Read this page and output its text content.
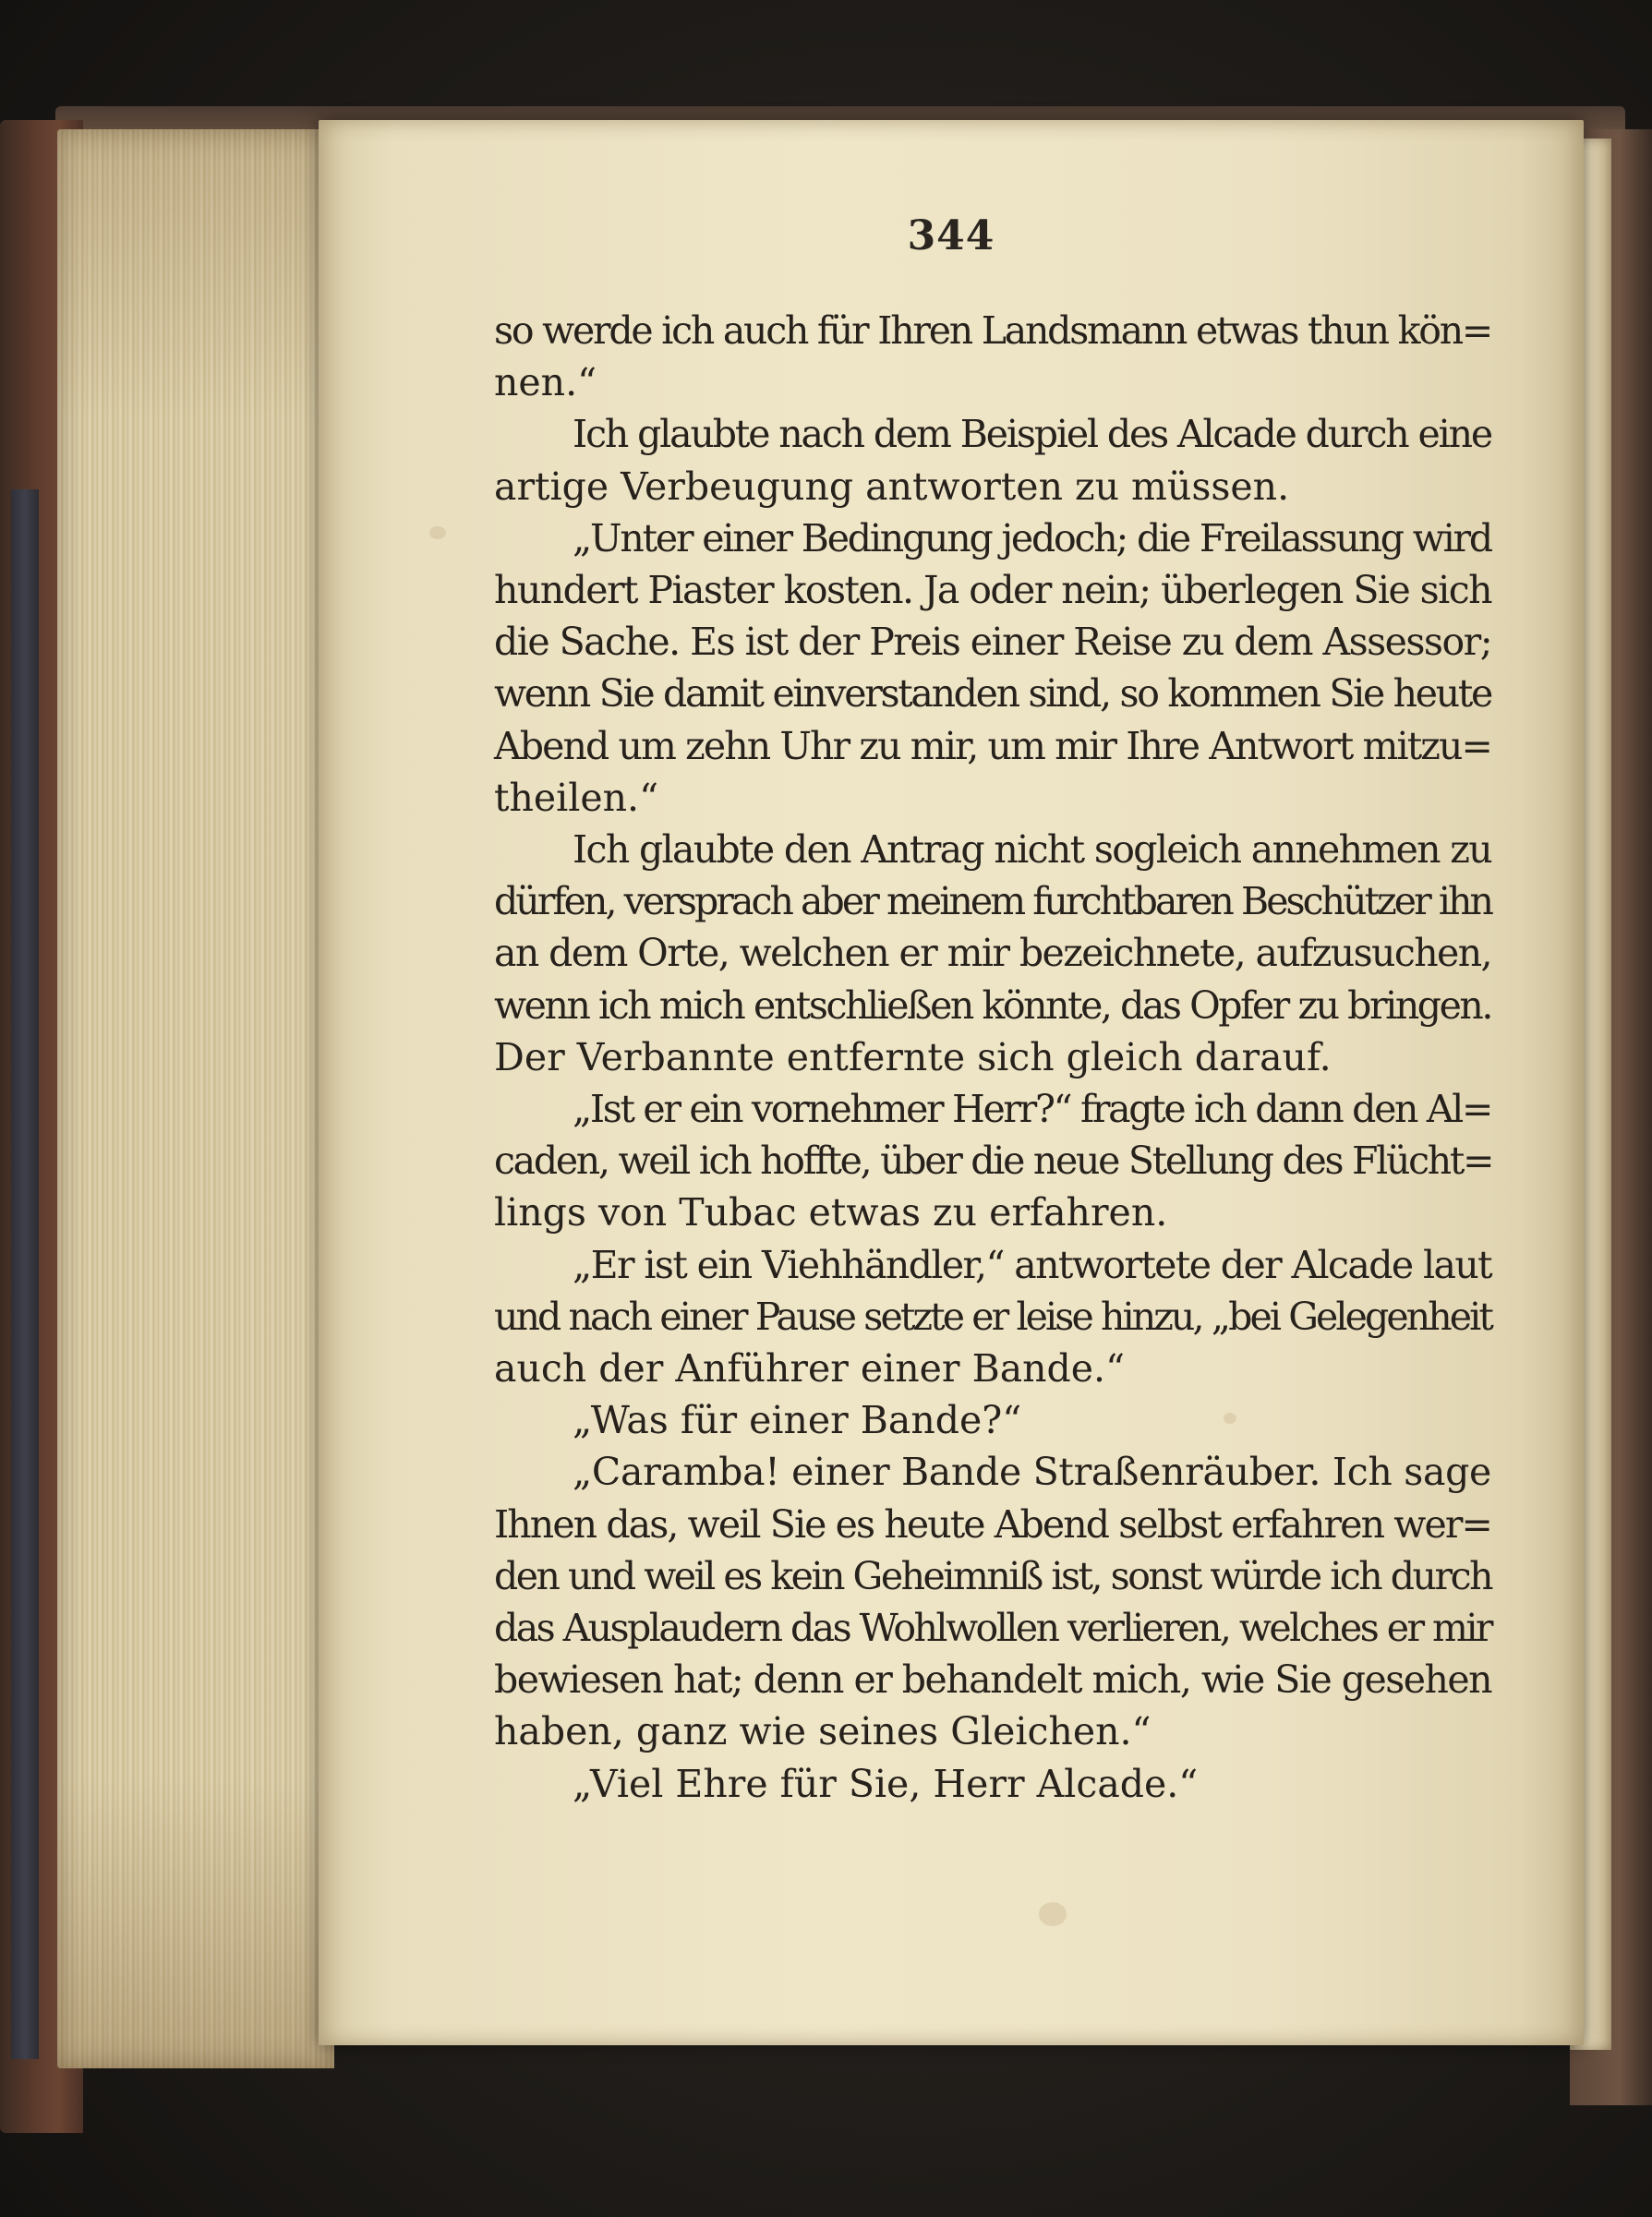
344

so werde ich auch für Ihren Landsmann etwas thun kön=
nen.“

Ich glaubte nach dem Beispiel des Alcade durch eine
artige Verbeugung antworten zu müssen.

„Unter einer Bedingung jedoch; die Freilassung wird
hundert Piaster kosten. Ja oder nein; überlegen Sie sich
die Sache. Es ist der Preis einer Reise zu dem Assessor;
wenn Sie damit einverstanden sind, so kommen Sie heute
Abend um zehn Uhr zu mir, um mir Ihre Antwort mitzu=
theilen.“

Ich glaubte den Antrag nicht sogleich annehmen zu
dürfen, versprach aber meinem furchtbaren Beschützer ihn
an dem Orte, welchen er mir bezeichnete, aufzusuchen,
wenn ich mich entschließen könnte, das Opfer zu bringen.
Der Verbannte entfernte sich gleich darauf.

„Ist er ein vornehmer Herr?“ fragte ich dann den Al=
caden, weil ich hoffte, über die neue Stellung des Flücht=
lings von Tubac etwas zu erfahren.

„Er ist ein Viehhändler,“ antwortete der Alcade laut
und nach einer Pause setzte er leise hinzu, „bei Gelegenheit
auch der Anführer einer Bande.“

„Was für einer Bande?“

„Caramba! einer Bande Straßenräuber. Ich sage
Ihnen das, weil Sie es heute Abend selbst erfahren wer=
den und weil es kein Geheimniß ist, sonst würde ich durch
das Ausplaudern das Wohlwollen verlieren, welches er mir
bewiesen hat; denn er behandelt mich, wie Sie gesehen
haben, ganz wie seines Gleichen.“

„Viel Ehre für Sie, Herr Alcade.“
